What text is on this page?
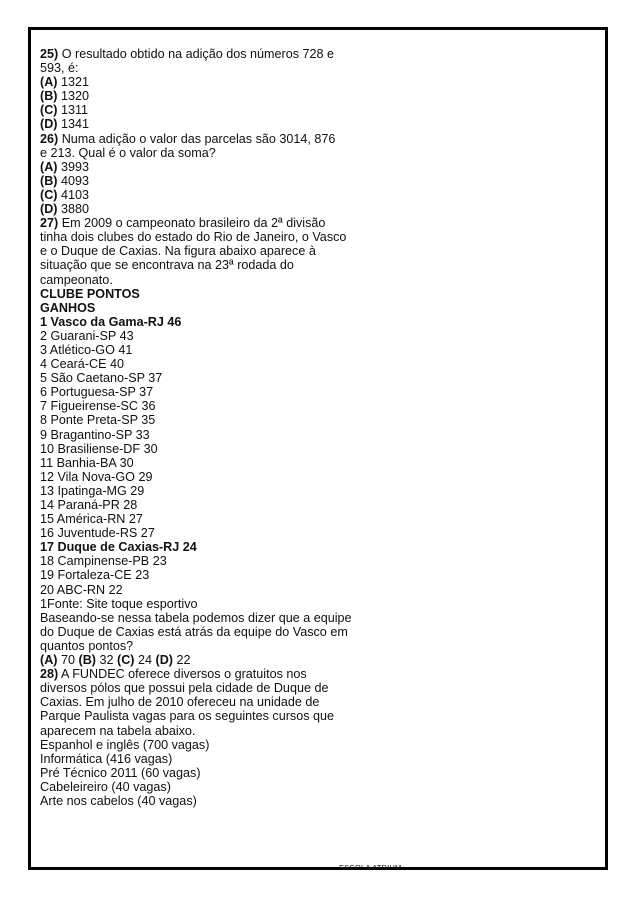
25) O resultado obtido na adição dos números 728 e
593, é:
(A) 1321
(B) 1320
(C) 1311
(D) 1341
26) Numa adição o valor das parcelas são 3014, 876
e 213. Qual é o valor da soma?
(A) 3993
(B) 4093
(C) 4103
(D) 3880
27) Em 2009 o campeonato brasileiro da 2ª divisão
tinha dois clubes do estado do Rio de Janeiro, o Vasco
e o Duque de Caxias. Na figura abaixo aparece à
situação que se encontrava na 23ª rodada do
campeonato.
CLUBE PONTOS
GANHOS
1 Vasco da Gama-RJ 46
2 Guarani-SP 43
3 Atlético-GO 41
4 Ceará-CE 40
5 São Caetano-SP 37
6 Portuguesa-SP 37
7 Figueirense-SC 36
8 Ponte Preta-SP 35
9 Bragantino-SP 33
10 Brasiliense-DF 30
11 Banhia-BA 30
12 Vila Nova-GO 29
13 Ipatinga-MG 29
14 Paraná-PR 28
15 América-RN 27
16 Juventude-RS 27
17 Duque de Caxias-RJ 24
18 Campinense-PB 23
19 Fortaleza-CE 23
20 ABC-RN 22
1Fonte: Site toque esportivo
Baseando-se nessa tabela podemos dizer que a equipe
do Duque de Caxias está atrás da equipe do Vasco em
quantos pontos?
(A) 70 (B) 32 (C) 24 (D) 22
28) A FUNDEC oferece diversos o gratuitos nos
diversos pólos que possui pela cidade de Duque de
Caxias. Em julho de 2010 ofereceu na unidade de
Parque Paulista vagas para os seguintes cursos que
aparecem na tabela abaixo.
Espanhol e inglês (700 vagas)
Informática (416 vagas)
Pré Técnico 2011 (60 vagas)
Cabeleireiro (40 vagas)
Arte nos cabelos (40 vagas)
ESCOLA ATRIUM
